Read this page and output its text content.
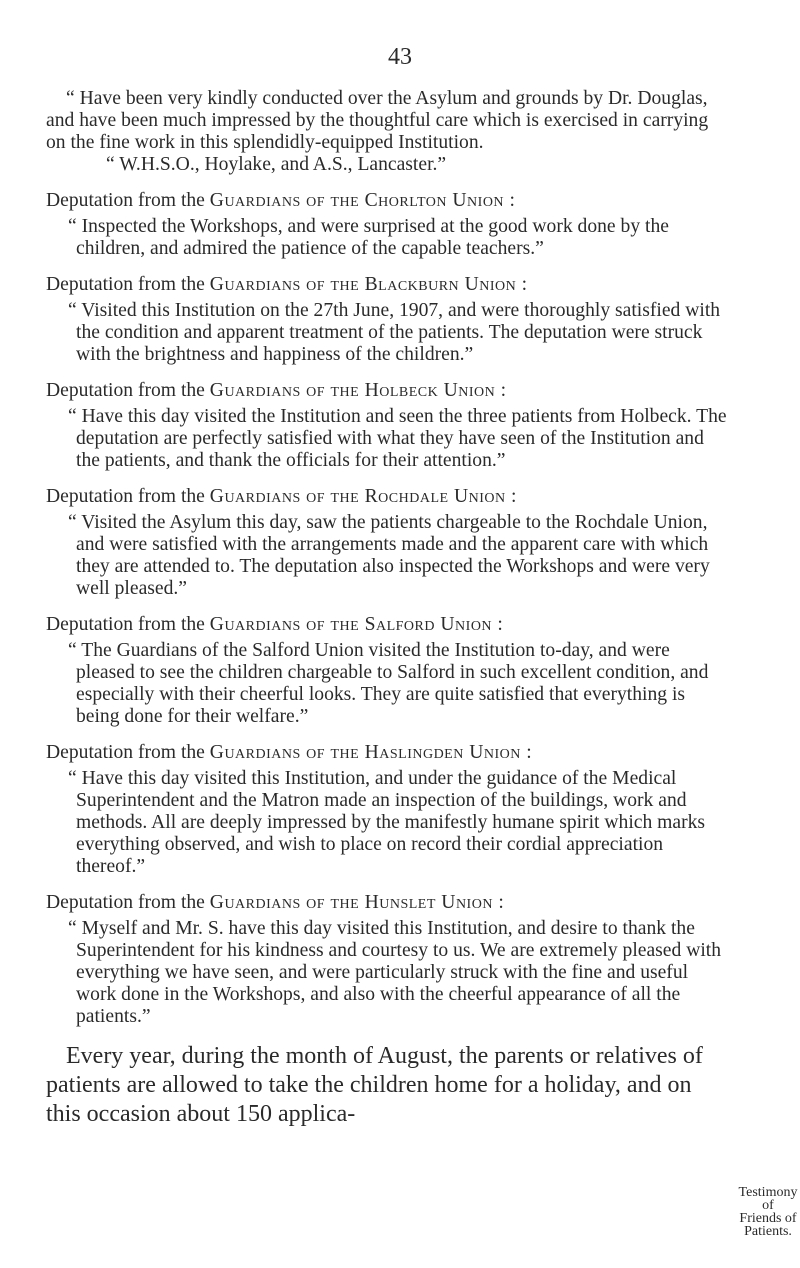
43

“ Have been very kindly conducted over the Asylum and grounds by Dr. Douglas, and have been much impressed by the thoughtful care which is exercised in carrying on the fine work in this splendidly-equipped Institution.
“ W.H.S.O., Hoylake, and A.S., Lancaster.”

Deputation from the Guardians of the Chorlton Union :

“ Inspected the Workshops, and were surprised at the good work done by the children, and admired the patience of the capable teachers.”

Deputation from the Guardians of the Blackburn Union :

“ Visited this Institution on the 27th June, 1907, and were thoroughly satisfied with the condition and apparent treatment of the patients. The deputation were struck with the brightness and happiness of the children.”

Deputation from the Guardians of the Holbeck Union :

“ Have this day visited the Institution and seen the three patients from Holbeck. The deputation are perfectly satisfied with what they have seen of the Institution and the patients, and thank the officials for their attention.”

Deputation from the Guardians of the Rochdale Union :

“ Visited the Asylum this day, saw the patients chargeable to the Rochdale Union, and were satisfied with the arrangements made and the apparent care with which they are attended to. The deputation also inspected the Workshops and were very well pleased.”

Deputation from the Guardians of the Salford Union :

“ The Guardians of the Salford Union visited the Institution to-day, and were pleased to see the children chargeable to Salford in such excellent condition, and especially with their cheerful looks. They are quite satisfied that everything is being done for their welfare.”

Deputation from the Guardians of the Haslingden Union :

“ Have this day visited this Institution, and under the guidance of the Medical Superintendent and the Matron made an inspection of the buildings, work and methods. All are deeply impressed by the manifestly humane spirit which marks everything observed, and wish to place on record their cordial appreciation thereof.”

Deputation from the Guardians of the Hunslet Union :

“ Myself and Mr. S. have this day visited this Institution, and desire to thank the Superintendent for his kindness and courtesy to us. We are extremely pleased with everything we have seen, and were particularly struck with the fine and useful work done in the Workshops, and also with the cheerful appearance of all the patients.”

Every year, during the month of August, the parents or relatives of patients are allowed to take the children home for a holiday, and on this occasion about 150 applica-

Testimony of
Friends of
Patients.
